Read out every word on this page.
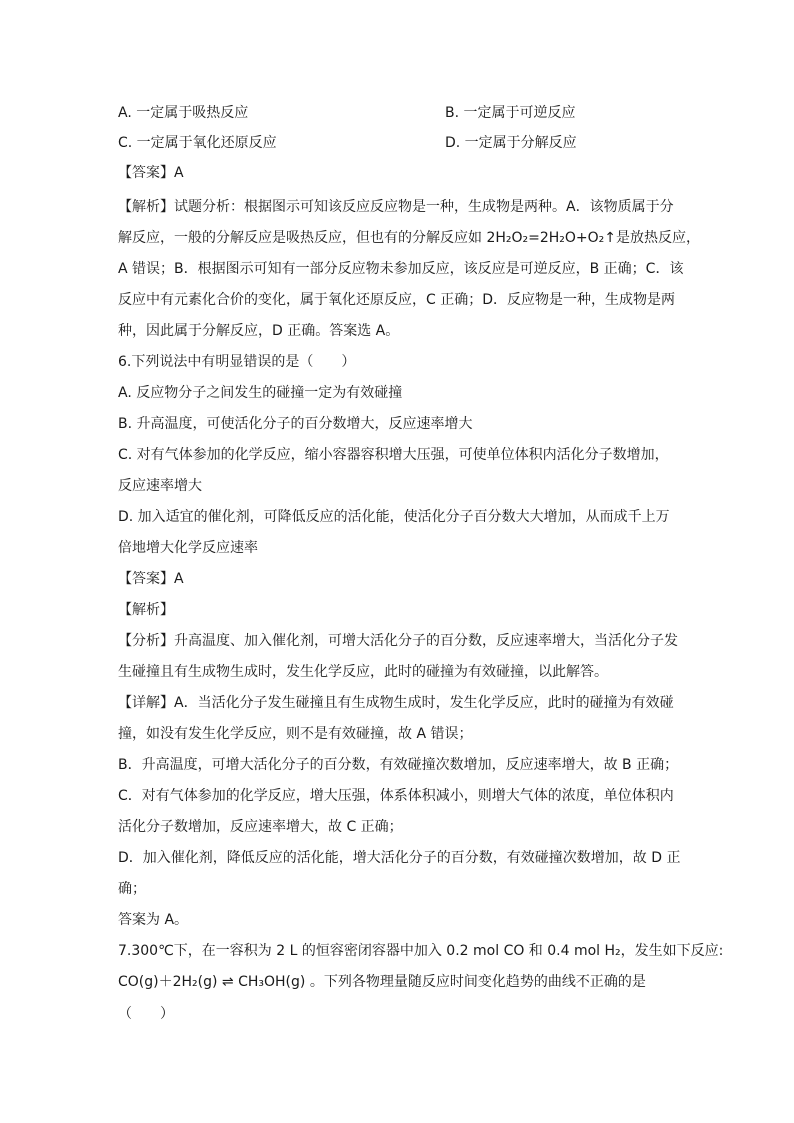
A. 一定属于吸热反应	B. 一定属于可逆反应
C. 一定属于氧化还原反应	D. 一定属于分解反应
【答案】A
【解析】试题分析：根据图示可知该反应反应物是一种，生成物是两种。A．该物质属于分
解反应，一般的分解反应是吸热反应，但也有的分解反应如 2H₂O₂=2H₂O+O₂↑是放热反应，
A 错误；B．根据图示可知有一部分反应物未参加反应，该反应是可逆反应，B 正确；C．该
反应中有元素化合价的变化，属于氧化还原反应，C 正确；D．反应物是一种，生成物是两
种，因此属于分解反应，D 正确。答案选 A。
6.下列说法中有明显错误的是（　　）
A. 反应物分子之间发生的碰撞一定为有效碰撞
B. 升高温度，可使活化分子的百分数增大，反应速率增大
C. 对有气体参加的化学反应，缩小容器容积增大压强，可使单位体积内活化分子数增加，
反应速率增大
D. 加入适宜的催化剂，可降低反应的活化能，使活化分子百分数大大增加，从而成千上万
倍地增大化学反应速率
【答案】A
【解析】
【分析】升高温度、加入催化剂，可增大活化分子的百分数，反应速率增大，当活化分子发
生碰撞且有生成物生成时，发生化学反应，此时的碰撞为有效碰撞，以此解答。
【详解】A．当活化分子发生碰撞且有生成物生成时，发生化学反应，此时的碰撞为有效碰
撞，如没有发生化学反应，则不是有效碰撞，故 A 错误；
B．升高温度，可增大活化分子的百分数，有效碰撞次数增加，反应速率增大，故 B 正确；
C．对有气体参加的化学反应，增大压强，体系体积减小，则增大气体的浓度，单位体积内
活化分子数增加，反应速率增大，故 C 正确；
D．加入催化剂，降低反应的活化能，增大活化分子的百分数，有效碰撞次数增加，故 D 正
确；
答案为 A。
7.300℃下，在一容积为 2 L 的恒容密闭容器中加入 0.2 mol CO 和 0.4 mol H₂，发生如下反应:
CO(g)＋2H₂(g) ⇌ CH₃OH(g) 。下列各物理量随反应时间变化趋势的曲线不正确的是
（　　）
